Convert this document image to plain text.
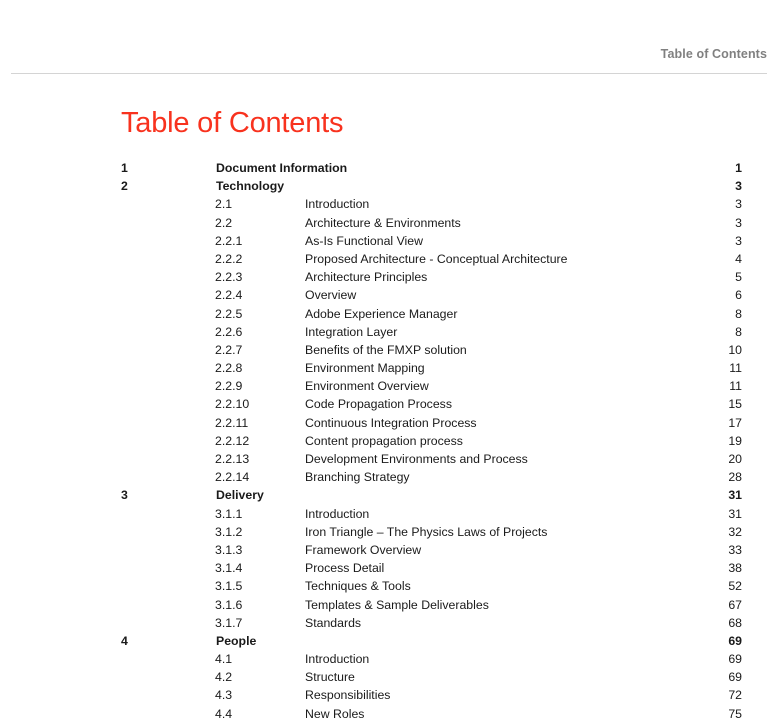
Table of Contents
Table of Contents
1	Document Information	1
2	Technology	3
2.1	Introduction	3
2.2	Architecture & Environments	3
2.2.1	As-Is Functional View	3
2.2.2	Proposed Architecture - Conceptual Architecture	4
2.2.3	Architecture Principles	5
2.2.4	Overview	6
2.2.5	Adobe Experience Manager	8
2.2.6	Integration Layer	8
2.2.7	Benefits of the FMXP solution	10
2.2.8	Environment Mapping	11
2.2.9	Environment Overview	11
2.2.10	Code Propagation Process	15
2.2.11	Continuous Integration Process	17
2.2.12	Content propagation process	19
2.2.13	Development Environments and Process	20
2.2.14	Branching Strategy	28
3	Delivery	31
3.1.1	Introduction	31
3.1.2	Iron Triangle – The Physics Laws of Projects	32
3.1.3	Framework Overview	33
3.1.4	Process Detail	38
3.1.5	Techniques & Tools	52
3.1.6	Templates & Sample Deliverables	67
3.1.7	Standards	68
4	People	69
4.1	Introduction	69
4.2	Structure	69
4.3	Responsibilities	72
4.4	New Roles	75
